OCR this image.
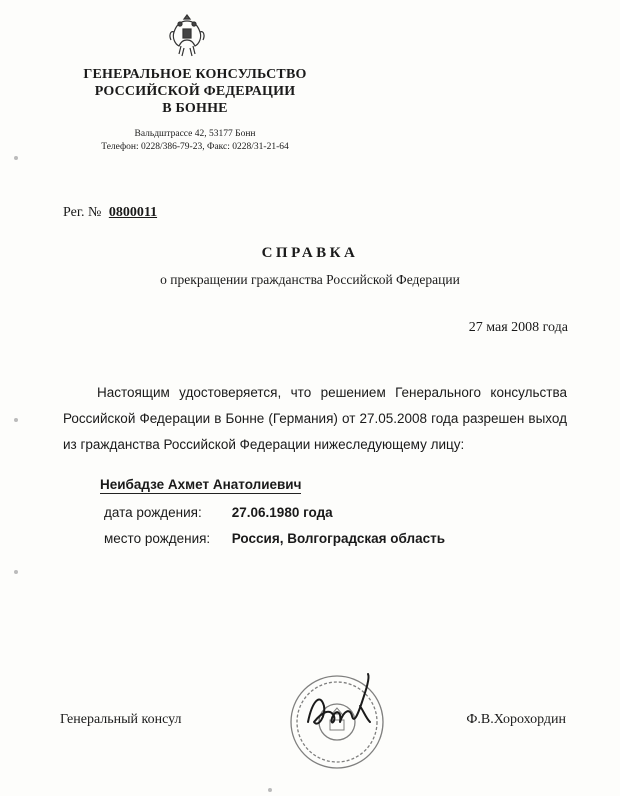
ГЕНЕРАЛЬНОЕ КОНСУЛЬСТВО
РОССИЙСКОЙ ФЕДЕРАЦИИ
В БОННЕ
Вальдштрассе 42, 53177 Бонн
Телефон: 0228/386-79-23, Факс: 0228/31-21-64
Рег. № 0800011
СПРАВКА
о прекращении гражданства Российской Федерации
27 мая 2008 года
Настоящим удостоверяется, что решением Генерального консульства Российской Федерации в Бонне (Германия) от 27.05.2008 года разрешен выход из гражданства Российской Федерации нижеследующему лицу:
Неибадзе Ахмет Анатолиевич
дата рождения: 27.06.1980 года
место рождения: Россия, Волгоградская область
Генеральный консул	Ф.В.Хорохордин
